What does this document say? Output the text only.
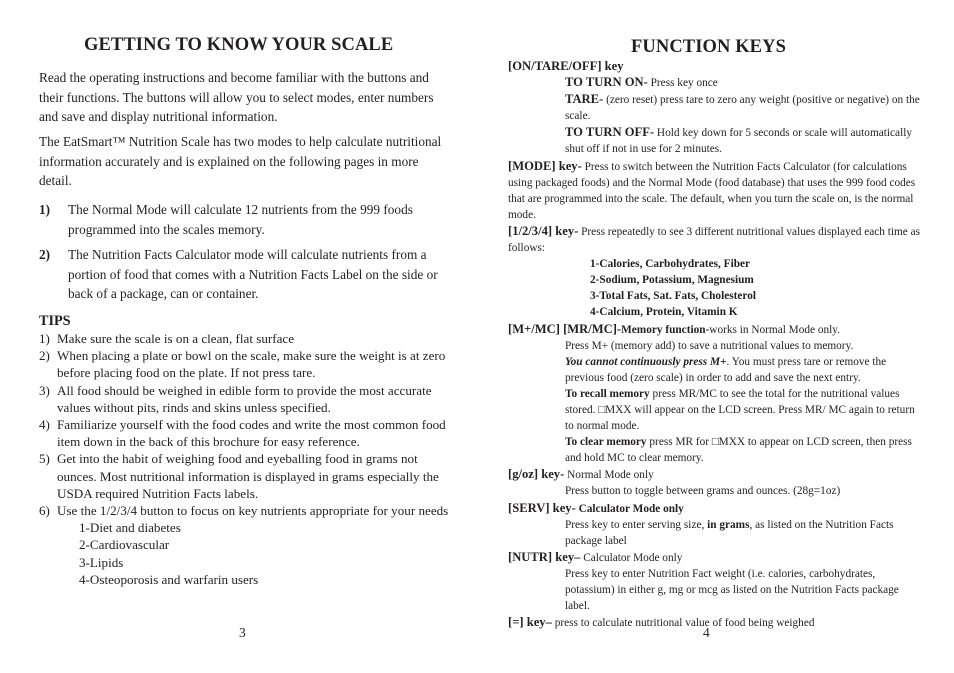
GETTING TO KNOW YOUR SCALE

Read the operating instructions and become familiar with the buttons and their functions. The buttons will allow you to select modes, enter numbers and save and display nutritional information.

The EatSmart™ Nutrition Scale has two modes to help calculate nutritional information accurately and is explained on the following pages in more detail.

1)	The Normal Mode will calculate 12 nutrients from the 999 foods programmed into the scales memory.
2)	The Nutrition Facts Calculator mode will calculate nutrients from a portion of food that comes with a Nutrition Facts Label on the side or back of a package, can or container.
TIPS
1) Make sure the scale is on a clean, flat surface
2) When placing a plate or bowl on the scale, make sure the weight is at zero before placing food on the plate. If not press tare.
3) All food should be weighed in edible form to provide the most accurate values without pits, rinds and skins unless specified.
4) Familiarize yourself with the food codes and write the most common food item down in the back of this brochure for easy reference.
5) Get into the habit of weighing food and eyeballing food in grams not ounces. Most nutritional information is displayed in grams especially the USDA required Nutrition Facts labels.
6) Use the 1/2/3/4 button to focus on key nutrients appropriate for your needs
1-Diet and diabetes
2-Cardiovascular
3-Lipids
4-Osteoporosis and warfarin users
3
FUNCTION KEYS
[ON/TARE/OFF] key
TO TURN ON- Press key once
TARE- (zero reset) press tare to zero any weight (positive or negative) on the scale.
TO TURN OFF- Hold key down for 5 seconds or scale will automatically shut off if not in use for 2 minutes.
[MODE] key- Press to switch between the Nutrition Facts Calculator (for calculations using packaged foods) and the Normal Mode (food database) that uses the 999 food codes that are programmed into the scale. The default, when you turn the scale on, is the normal mode.
[1/2/3/4] key- Press repeatedly to see 3 different nutritional values displayed each time as follows:
1-Calories, Carbohydrates, Fiber
2-Sodium, Potassium, Magnesium
3-Total Fats, Sat. Fats, Cholesterol
4-Calcium, Protein, Vitamin K
[M+/MC] [MR/MC]-Memory function-works in Normal Mode only.
Press M+ (memory add) to save a nutritional values to memory.
You cannot continuously press M+. You must press tare or remove the previous food (zero scale) in order to add and save the next entry.
To recall memory press MR/MC to see the total for the nutritional values stored. □MXX will appear on the LCD screen. Press MR/ MC again to return to normal mode.
To clear memory press MR for □MXX to appear on LCD screen, then press and hold MC to clear memory.
[g/oz] key- Normal Mode only
Press button to toggle between grams and ounces. (28g=1oz)
[SERV] key- Calculator Mode only
Press key to enter serving size, in grams, as listed on the Nutrition Facts package label
[NUTR] key– Calculator Mode only
Press key to enter Nutrition Fact weight (i.e. calories, carbohydrates, potassium) in either g, mg or mcg as listed on the Nutrition Facts package label.
[=] key– press to calculate nutritional value of food being weighed
4
